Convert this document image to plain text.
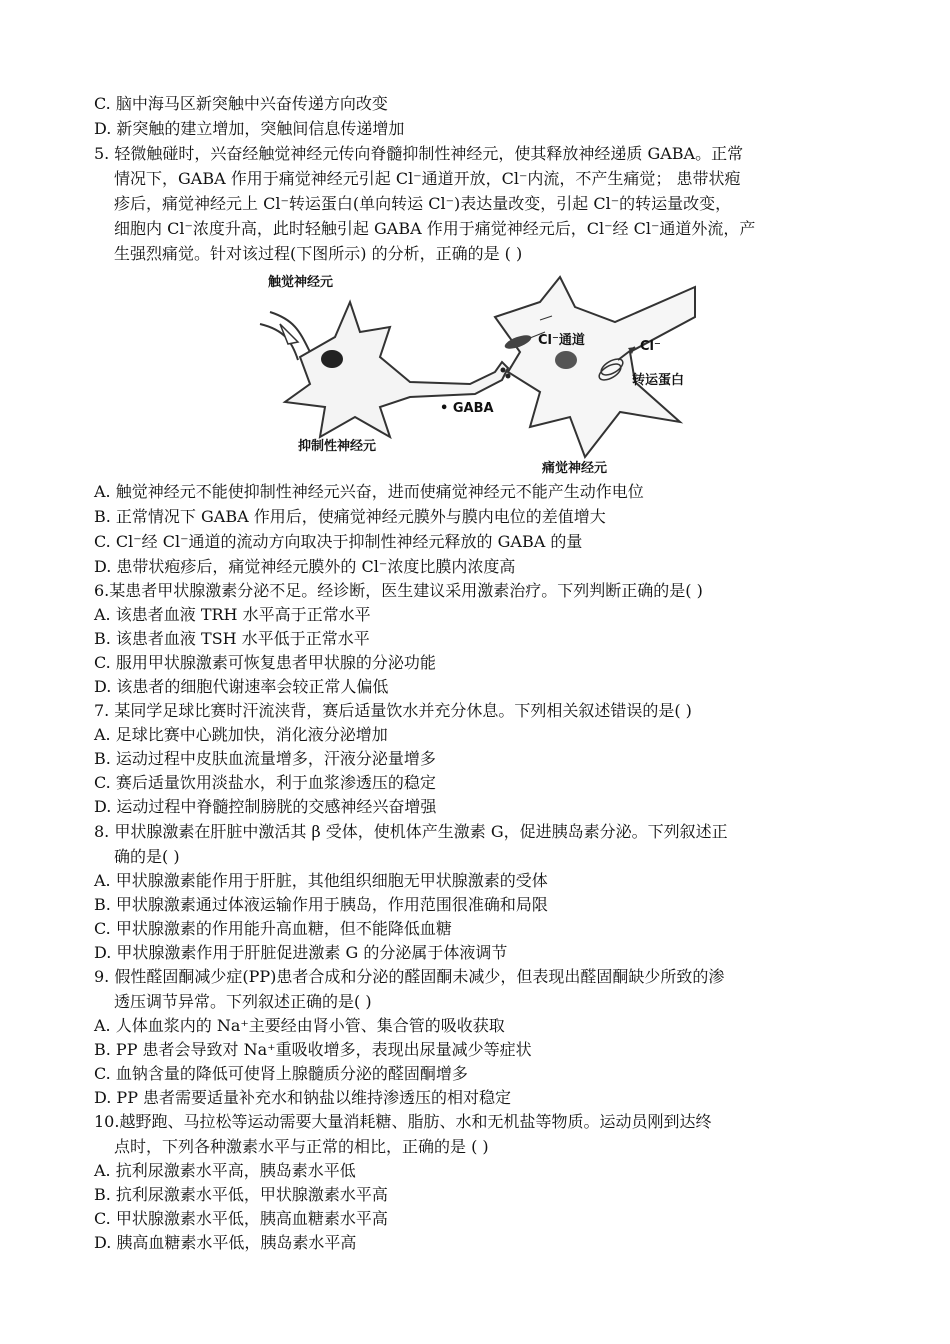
C. 脑中海马区新突触中兴奋传递方向改变
D. 新突触的建立增加，突触间信息传递增加
5. 轻微触碰时，兴奋经触觉神经元传向脊髓抑制性神经元，使其释放神经递质 GABA。正常
情况下，GABA 作用于痛觉神经元引起 Cl⁻通道开放，Cl⁻内流，不产生痛觉； 患带状疱
疹后，痛觉神经元上 Cl⁻转运蛋白(单向转运 Cl⁻)表达量改变，引起 Cl⁻的转运量改变，
细胞内 Cl⁻浓度升高，此时轻触引起 GABA 作用于痛觉神经元后，Cl⁻经 Cl⁻通道外流，产
生强烈痛觉。针对该过程(下图所示) 的分析，正确的是 ( )
触觉神经元
抑制性神经元
痛觉神经元
Cl⁻通道	Cl⁻
转运蛋白
• GABA
A. 触觉神经元不能使抑制性神经元兴奋，进而使痛觉神经元不能产生动作电位
B. 正常情况下 GABA 作用后，使痛觉神经元膜外与膜内电位的差值增大
C. Cl⁻经 Cl⁻通道的流动方向取决于抑制性神经元释放的 GABA 的量
D. 患带状疱疹后，痛觉神经元膜外的 Cl⁻浓度比膜内浓度高
6.某患者甲状腺激素分泌不足。经诊断，医生建议采用激素治疗。下列判断正确的是( )
A. 该患者血液 TRH 水平高于正常水平
B. 该患者血液 TSH 水平低于正常水平
C. 服用甲状腺激素可恢复患者甲状腺的分泌功能
D. 该患者的细胞代谢速率会较正常人偏低
7. 某同学足球比赛时汗流浃背，赛后适量饮水并充分休息。下列相关叙述错误的是( )
A. 足球比赛中心跳加快，消化液分泌增加
B. 运动过程中皮肤血流量增多，汗液分泌量增多
C. 赛后适量饮用淡盐水，利于血浆渗透压的稳定
D. 运动过程中脊髓控制膀胱的交感神经兴奋增强
8. 甲状腺激素在肝脏中激活其 β 受体，使机体产生激素 G，促进胰岛素分泌。下列叙述正
确的是( )
A. 甲状腺激素能作用于肝脏，其他组织细胞无甲状腺激素的受体
B. 甲状腺激素通过体液运输作用于胰岛，作用范围很准确和局限
C. 甲状腺激素的作用能升高血糖，但不能降低血糖
D. 甲状腺激素作用于肝脏促进激素 G 的分泌属于体液调节
9. 假性醛固酮减少症(PP)患者合成和分泌的醛固酮未减少，但表现出醛固酮缺少所致的渗
透压调节异常。下列叙述正确的是( )
A. 人体血浆内的 Na⁺主要经由肾小管、集合管的吸收获取
B. PP 患者会导致对 Na⁺重吸收增多，表现出尿量减少等症状
C. 血钠含量的降低可使肾上腺髓质分泌的醛固酮增多
D. PP 患者需要适量补充水和钠盐以维持渗透压的相对稳定
10.越野跑、马拉松等运动需要大量消耗糖、脂肪、水和无机盐等物质。运动员刚到达终
点时，下列各种激素水平与正常的相比，正确的是 ( )
A. 抗利尿激素水平高，胰岛素水平低
B. 抗利尿激素水平低，甲状腺激素水平高
C. 甲状腺激素水平低，胰高血糖素水平高
D. 胰高血糖素水平低，胰岛素水平高
